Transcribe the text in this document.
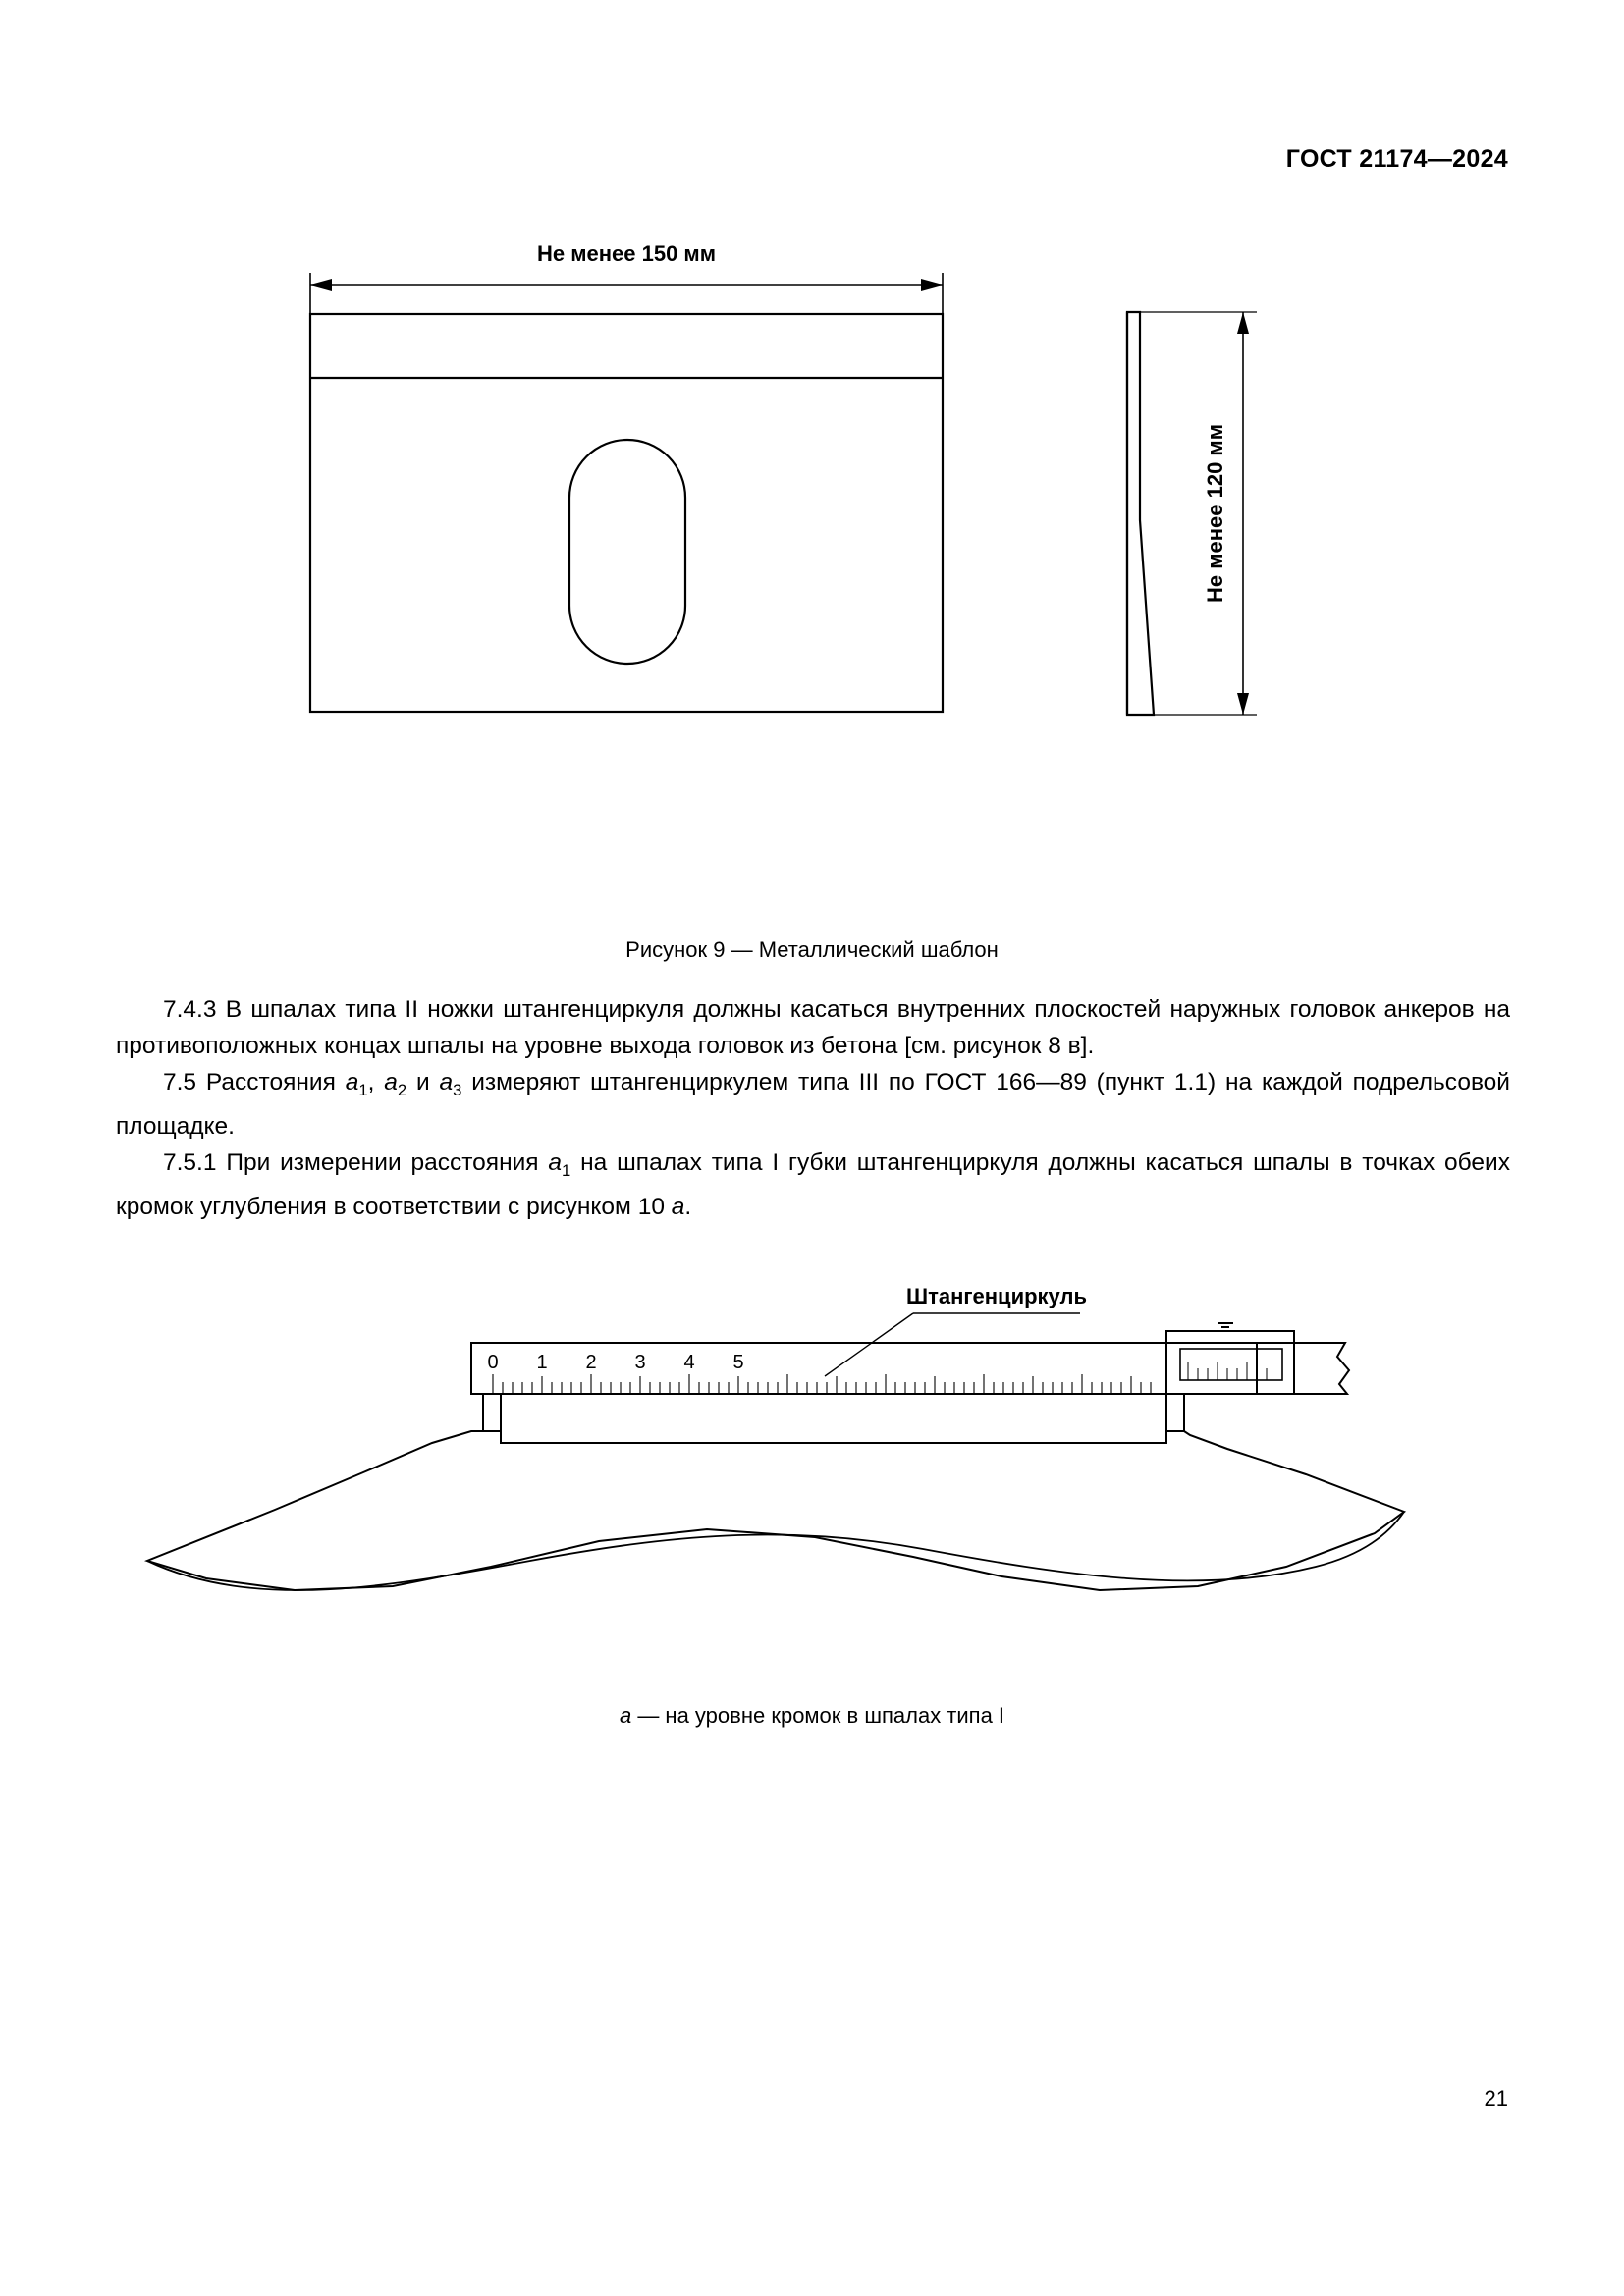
ГОСТ 21174—2024
Не менее 150 мм
Не менее 120 мм
Рисунок 9 — Металлический шаблон

7.4.3 В шпалах типа II ножки штангенциркуля должны касаться внутренних плоскостей наружных головок анкеров на противоположных концах шпалы на уровне выхода головок из бетона [см. рисунок 8 в].

7.5 Расстояния $a_1$, $a_2$ и $a_3$ измеряют штангенциркулем типа III по ГОСТ 166—89 (пункт 1.1) на каждой подрельсовой площадке.

7.5.1 При измерении расстояния $a_1$ на шпалах типа I губки штангенциркуля должны касаться шпалы в точках обеих кромок углубления в соответствии с рисунком 10 а.

0 1 2 3 4 5
Штангенциркуль
а — на уровне кромок в шпалах типа I
21
